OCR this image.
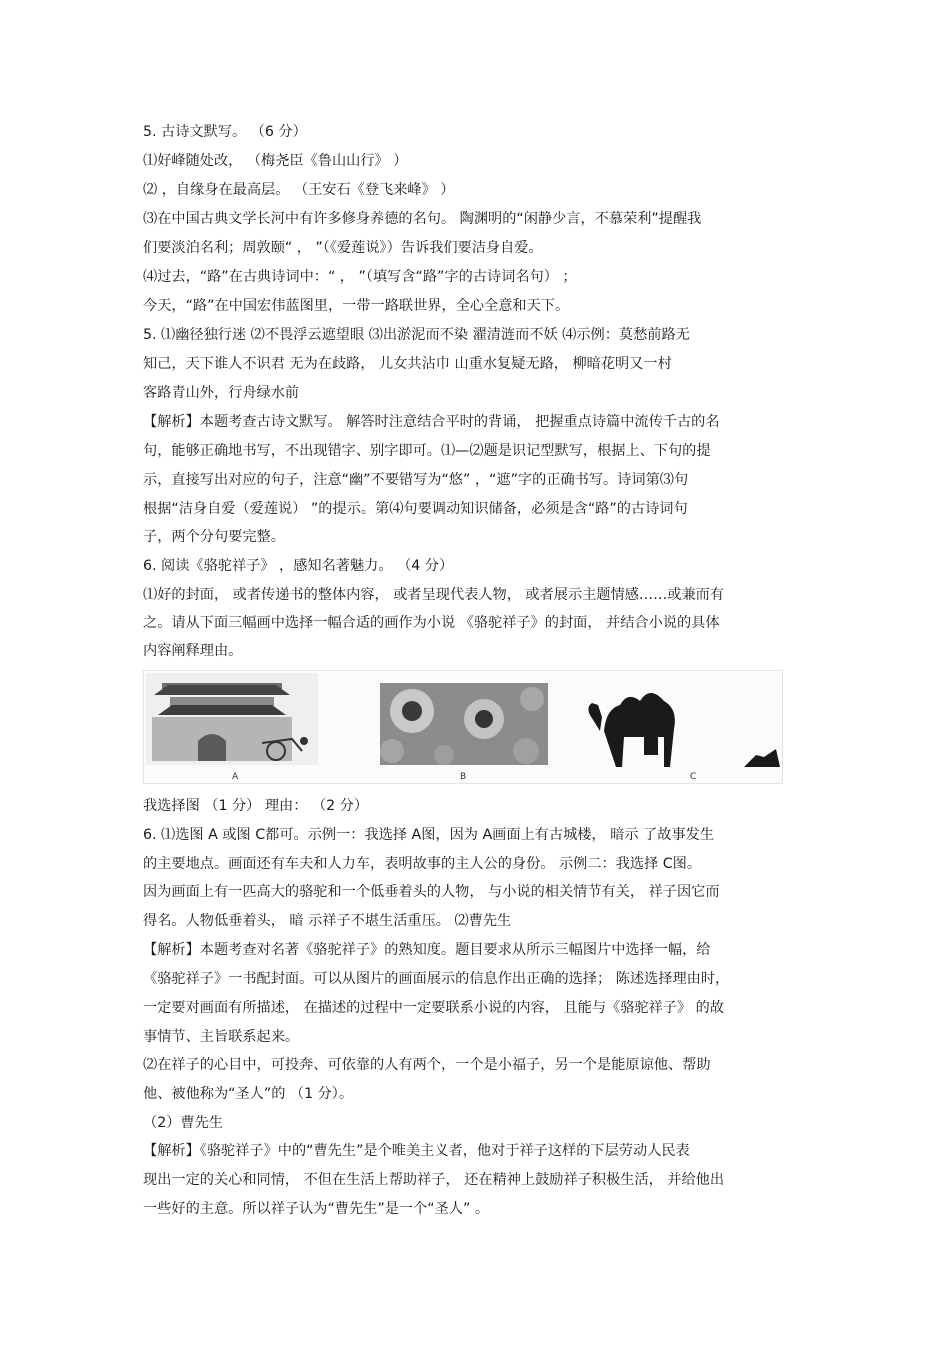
5. 古诗文默写。 （6 分）
⑴好峰随处改， （梅尧臣《鲁山山行》 ）
⑵ ，自缘身在最高层。 （王安石《登飞来峰》 ）
⑶在中国古典文学长河中有许多修身养德的名句。 陶渊明的“闲静少言，不慕荣利”提醒我
们要淡泊名利；周敦颐“ ， ”（《爱莲说》）告诉我们要洁身自爱。
⑷过去，“路”在古典诗词中：“ ， ”（填写含“路”字的古诗词名句） ；
今天，“路”在中国宏伟蓝图里，一带一路联世界，全心全意和天下。
5. ⑴幽径独行迷 ⑵不畏浮云遮望眼 ⑶出淤泥而不染 濯清涟而不妖 ⑷示例：莫愁前路无
知己，天下谁人不识君 无为在歧路， 儿女共沾巾 山重水复疑无路， 柳暗花明又一村
客路青山外，行舟绿水前
【解析】本题考查古诗文默写。 解答时注意结合平时的背诵， 把握重点诗篇中流传千古的名
句，能够正确地书写，不出现错字、别字即可。⑴—⑵题是识记型默写，根据上、下句的提
示，直接写出对应的句子，注意“幽”不要错写为“悠” ，“遮”字的正确书写。诗词第⑶句
根据“洁身自爱（爱莲说） ”的提示。第⑷句要调动知识储备，必须是含“路”的古诗词句
子，两个分句要完整。
6. 阅读《骆驼祥子》 ，感知名著魅力。 （4 分）
⑴好的封面， 或者传递书的整体内容， 或者呈现代表人物， 或者展示主题情感……或兼而有
之。请从下面三幅画中选择一幅合适的画作为小说 《骆驼祥子》的封面， 并结合小说的具体
内容阐释理由。
A	B	C
我选择图 （1 分） 理由： （2 分）
6. ⑴选图 A 或图 C都可。示例一：我选择 A图，因为 A画面上有古城楼， 暗示 了故事发生
的主要地点。画面还有车夫和人力车，表明故事的主人公的身份。 示例二：我选择 C图。
因为画面上有一匹高大的骆驼和一个低垂着头的人物， 与小说的相关情节有关， 祥子因它而
得名。人物低垂着头， 暗 示祥子不堪生活重压。 ⑵曹先生
【解析】本题考查对名著《骆驼祥子》的熟知度。题目要求从所示三幅图片中选择一幅，给
《骆驼祥子》一书配封面。可以从图片的画面展示的信息作出正确的选择； 陈述选择理由时，
一定要对画面有所描述， 在描述的过程中一定要联系小说的内容， 且能与《骆驼祥子》 的故
事情节、主旨联系起来。
⑵在祥子的心目中，可投奔、可依靠的人有两个，一个是小福子，另一个是能原谅他、帮助
他、被他称为“圣人”的 （1 分）。
（2）曹先生
【解析】《骆驼祥子》中的“曹先生”是个唯美主义者，他对于祥子这样的下层劳动人民表
现出一定的关心和同情， 不但在生活上帮助祥子， 还在精神上鼓励祥子积极生活， 并给他出
一些好的主意。所以祥子认为“曹先生”是一个“圣人” 。
